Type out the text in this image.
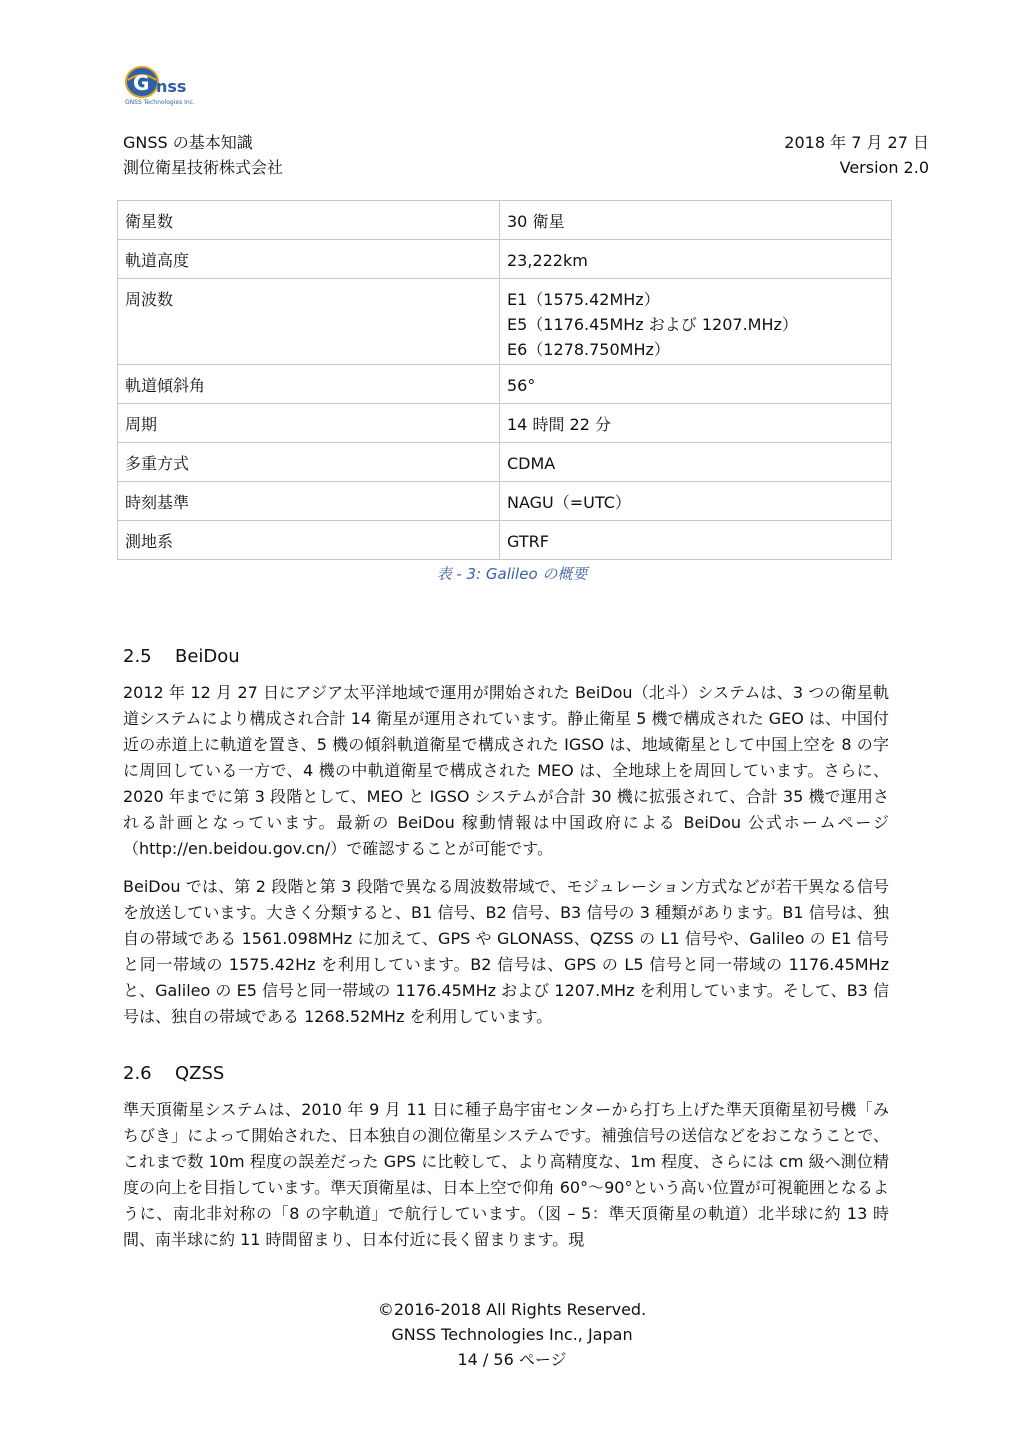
G nss
GNSS Technologies Inc.
GNSS の基本知識
測位衛星技術株式会社
2018 年 7 月 27 日
Version 2.0
衛星数	30 衛星

軌道高度	23,222km

周波数	E1（1575.42MHz）
E5（1176.45MHz および 1207.MHz）
E6（1278.750MHz）

軌道傾斜角	56°

周期	14 時間 22 分

多重方式	CDMA

時刻基準	NAGU（=UTC）

測地系	GTRF
表 - 3: Galileo の概要
2.5 BeiDou
2012 年 12 月 27 日にアジア太平洋地域で運用が開始された BeiDou（北斗）システムは、3 つの衛星軌道システムにより構成され合計 14 衛星が運用されています。静止衛星 5 機で構成された GEO は、中国付近の赤道上に軌道を置き、5 機の傾斜軌道衛星で構成された IGSO は、地域衛星として中国上空を 8 の字に周回している一方で、4 機の中軌道衛星で構成された MEO は、全地球上を周回しています。さらに、2020 年までに第 3 段階として、MEO と IGSO システムが合計 30 機に拡張されて、合計 35 機で運用される計画となっています。最新の BeiDou 稼動情報は中国政府による BeiDou 公式ホームページ（http://en.beidou.gov.cn/）で確認することが可能です。
BeiDou では、第 2 段階と第 3 段階で異なる周波数帯域で、モジュレーション方式などが若干異なる信号を放送しています。大きく分類すると、B1 信号、B2 信号、B3 信号の 3 種類があります。B1 信号は、独自の帯域である 1561.098MHz に加えて、GPS や GLONASS、QZSS の L1 信号や、Galileo の E1 信号と同一帯域の 1575.42Hz を利用しています。B2 信号は、GPS の L5 信号と同一帯域の 1176.45MHz と、Galileo の E5 信号と同一帯域の 1176.45MHz および 1207.MHz を利用しています。そして、B3 信号は、独自の帯域である 1268.52MHz を利用しています。
2.6 QZSS
準天頂衛星システムは、2010 年 9 月 11 日に種子島宇宙センターから打ち上げた準天頂衛星初号機「みちびき」によって開始された、日本独自の測位衛星システムです。補強信号の送信などをおこなうことで、これまで数 10m 程度の誤差だった GPS に比較して、より高精度な、1m 程度、さらには cm 級へ測位精度の向上を目指しています。準天頂衛星は、日本上空で仰角 60°〜90°という高い位置が可視範囲となるように、南北非対称の「8 の字軌道」で航行しています。（図 – 5：準天頂衛星の軌道）北半球に約 13 時間、南半球に約 11 時間留まり、日本付近に長く留まります。現
©2016-2018 All Rights Reserved.
GNSS Technologies Inc., Japan
14 / 56 ページ
